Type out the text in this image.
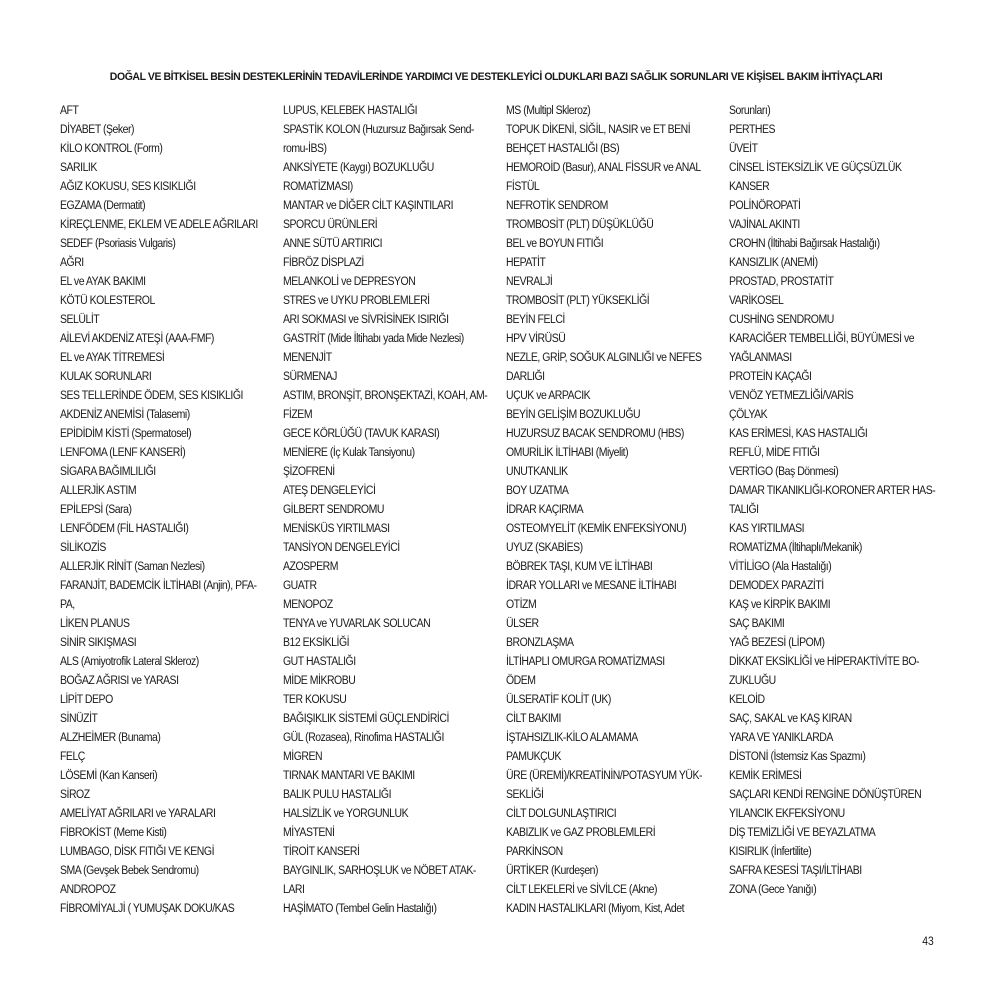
DOĞAL VE BİTKİSEL BESİN DESTEKLERİNİN TEDAVİLERİNDE YARDIMCI VE DESTEKLEYİCİ OLDUKLARI BAZI SAĞLIK SORUNLARI VE KİŞİSEL BAKIM İHTİYAÇLARI
AFT
DİYABET (Şeker)
KİLO KONTROL (Form)
SARILIK
AĞIZ KOKUSU, SES KISIKLIĞI
EGZAMA (Dermatit)
KİREÇLENME, EKLEM VE ADELE AĞRILARI
SEDEF (Psoriasis Vulgaris)
AĞRI
EL ve AYAK BAKIMI
KÖTÜ KOLESTEROL
SELÜLİT
AİLEVİ AKDENİZ ATEŞİ (AAA-FMF)
EL ve AYAK TİTREMESİ
KULAK SORUNLARI
SES TELLERİNDE ÖDEM, SES KISIKLIĞI
AKDENİZ ANEMİSİ (Talasemi)
EPİDİDİM KİSTİ (Spermatosel)
LENFOMA (LENF KANSERİ)
SİGARA BAĞIMLILIĞI
ALLERJİK ASTIM
EPİLEPSİ (Sara)
LENFÖDEM (FİL HASTALIĞI)
SİLİKOZİS
ALLERJİK RİNİT (Saman Nezlesi)
FARANJİT, BADEMCİK İLTİHABI (Anjin), PFA-
PA,
LİKEN PLANUS
SİNİR SIKIŞMASI
ALS (Amiyotrofik Lateral Skleroz)
BOĞAZ AĞRISI ve YARASI
LİPİT DEPO
SİNÜZİT
ALZHEİMER (Bunama)
FELÇ
LÖSEMİ (Kan Kanseri)
SİROZ
AMELİYAT AĞRILARI ve YARALARI
FİBROKİST (Meme Kisti)
LUMBAGO, DİSK FITIĞI VE KENGİ
SMA (Gevşek Bebek Sendromu)
ANDROPOZ
FİBROMİYALJİ ( YUMUŞAK DOKU/KAS
LUPUS, KELEBEK HASTALIĞI
SPASTİK KOLON (Huzursuz Bağırsak Send-
romu-İBS)
ANKSİYETE (Kaygı) BOZUKLUĞU
ROMATİZMASI)
MANTAR ve DİĞER CİLT KAŞINTILARI
SPORCU ÜRÜNLERİ
ANNE SÜTÜ ARTIRICI
FİBRÖZ DİSPLAZİ
MELANKOLİ ve DEPRESYON
STRES ve UYKU PROBLEMLERİ
ARI SOKMASI ve SİVRİSİNEK ISIRIĞI
GASTRİT (Mide İltihabı yada Mide Nezlesi)
MENENJİT
SÜRMENAJ
ASTIM, BRONŞİT, BRONŞEKTAZİ, KOAH, AM-
FİZEM
GECE KÖRLÜĞÜ (TAVUK KARASI)
MENİERE (İç Kulak Tansiyonu)
ŞİZOFRENİ
ATEŞ DENGELEYİCİ
GİLBERT SENDROMU
MENİSKÜS YIRTILMASI
TANSİYON DENGELEYİCİ
AZOSPERM
GUATR
MENOPOZ
TENYA ve YUVARLAK SOLUCAN
B12 EKSİKLİĞİ
GUT HASTALIĞI
MİDE MİKROBU
TER KOKUSU
BAĞIŞIKLIK SİSTEMİ GÜÇLENDİRİCİ
GÜL (Rozasea), Rinofima HASTALIĞI
MİGREN
TIRNAK MANTARI VE BAKIMI
BALIK PULU HASTALIĞI
HALSİZLİK ve YORGUNLUK
MİYASTENİ
TİROİT KANSERİ
BAYGINLIK, SARHOŞLUK ve NÖBET ATAK-
LARI
HAŞİMATO (Tembel Gelin Hastalığı)
MS (Multipl Skleroz)
TOPUK DİKENİ, SİĞİL, NASIR ve ET BENİ
BEHÇET HASTALIĞI (BS)
HEMOROİD (Basur), ANAL FİSSUR ve ANAL
FİSTÜL
NEFROTİK SENDROM
TROMBOSİT (PLT) DÜŞÜKLÜĞÜ
BEL ve BOYUN FITIĞI
HEPATİT
NEVRALJİ
TROMBOSİT (PLT) YÜKSEKLİĞİ
BEYİN FELCİ
HPV VİRÜSÜ
NEZLE, GRİP, SOĞUK ALGINLIĞI ve NEFES
DARLIĞI
UÇUK ve ARPACIK
BEYİN GELİŞİM BOZUKLUĞU
HUZURSUZ BACAK SENDROMU (HBS)
OMURİLİK İLTİHABI (Miyelit)
UNUTKANLIK
BOY UZATMA
İDRAR KAÇIRMA
OSTEOMYELİT (KEMİK ENFEKSİYONU)
UYUZ (SKABİES)
BÖBREK TAŞI, KUM VE İLTİHABI
İDRAR YOLLARI ve MESANE İLTİHABI
OTİZM
ÜLSER
BRONZLAŞMA
İLTİHAPLI OMURGA ROMATİZMASI
ÖDEM
ÜLSERATİF KOLİT (UK)
CİLT BAKIMI
İŞTAHSIZLIK-KİLO ALAMAMA
PAMUKÇUK
ÜRE (ÜREMİ)/KREATİNİN/POTASYUM YÜK-
SEKLİĞİ
CİLT DOLGUNLAŞTIRICI
KABIZLIK ve GAZ PROBLEMLERİ
PARKİNSON
ÜRTİKER (Kurdeşen)
CİLT LEKELERİ ve SİVİLCE (Akne)
KADIN HASTALIKLARI (Miyom, Kist, Adet
Sorunları)
PERTHES
ÜVEİT
CİNSEL İSTEKSİZLİK VE GÜÇSÜZLÜK
KANSER
POLİNÖROPATİ
VAJİNAL AKINTI
CROHN (İltihabi Bağırsak Hastalığı)
KANSIZLIK (ANEMİ)
PROSTAD, PROSTATİT
VARİKOSEL
CUSHİNG SENDROMU
KARACİĞER TEMBELLİĞİ, BÜYÜMESİ ve
YAĞLANMASI
PROTEİN KAÇAĞI
VENÖZ YETMEZLİĞİ/VARİS
ÇÖLYAK
KAS ERİMESİ, KAS HASTALIĞI
REFLÜ, MİDE FITIĞI
VERTİGO (Baş Dönmesi)
DAMAR TIKANIKLIĞI-KORONER ARTER HAS-
TALIĞI
KAS YIRTILMASI
ROMATİZMA (İltihaplı/Mekanik)
VİTİLİGO (Ala Hastalığı)
DEMODEX PARAZİTİ
KAŞ ve KİRPİK BAKIMI
SAÇ BAKIMI
YAĞ BEZESİ (LİPOM)
DİKKAT EKSİKLİĞİ ve HİPERAKTİVİTE BO-
ZUKLUĞU
KELOİD
SAÇ, SAKAL ve KAŞ KIRAN
YARA VE YANIKLARDA
DİSTONİ (İstemsiz Kas Spazmı)
KEMİK ERİMESİ
SAÇLARI KENDİ RENGİNE DÖNÜŞTÜREN
YILANCIK EKFEKSİYONU
DİŞ TEMİZLİĞİ VE BEYAZLATMA
KISIRLIK (İnfertilite)
SAFRA KESESİ TAŞI/İLTİHABI
ZONA (Gece Yanığı)
43
